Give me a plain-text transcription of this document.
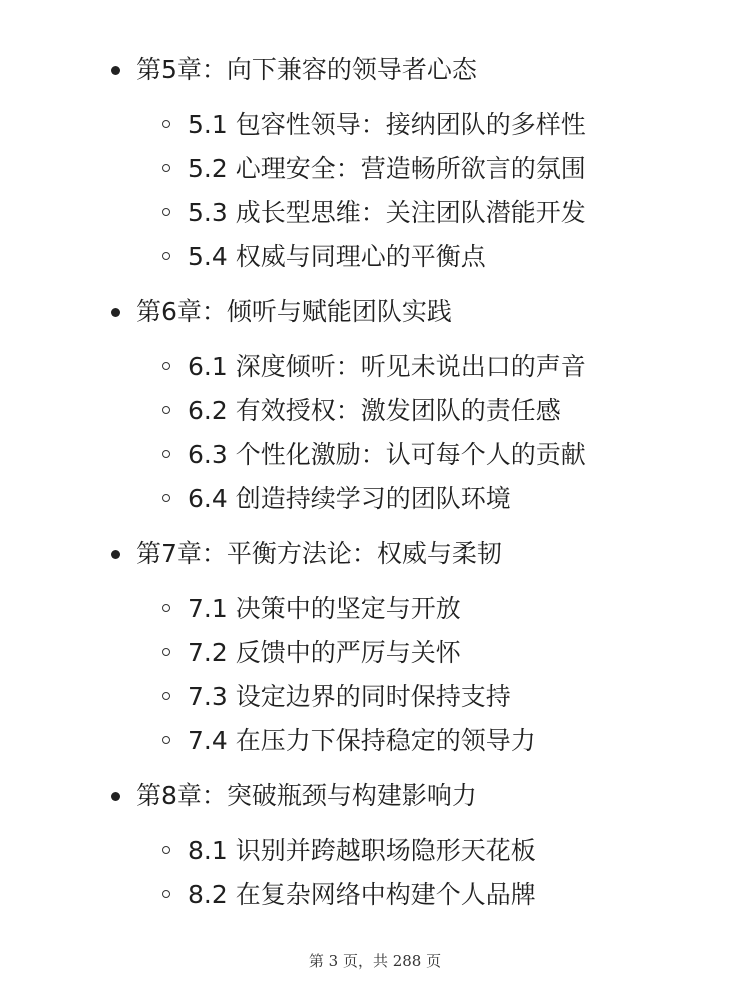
第5章：向下兼容的领导者心态
5.1 包容性领导：接纳团队的多样性
5.2 心理安全：营造畅所欲言的氛围
5.3 成长型思维：关注团队潜能开发
5.4 权威与同理心的平衡点
第6章：倾听与赋能团队实践
6.1 深度倾听：听见未说出口的声音
6.2 有效授权：激发团队的责任感
6.3 个性化激励：认可每个人的贡献
6.4 创造持续学习的团队环境
第7章：平衡方法论：权威与柔韧
7.1 决策中的坚定与开放
7.2 反馈中的严厉与关怀
7.3 设定边界的同时保持支持
7.4 在压力下保持稳定的领导力
第8章：突破瓶颈与构建影响力
8.1 识别并跨越职场隐形天花板
8.2 在复杂网络中构建个人品牌
第 3 页，共 288 页
